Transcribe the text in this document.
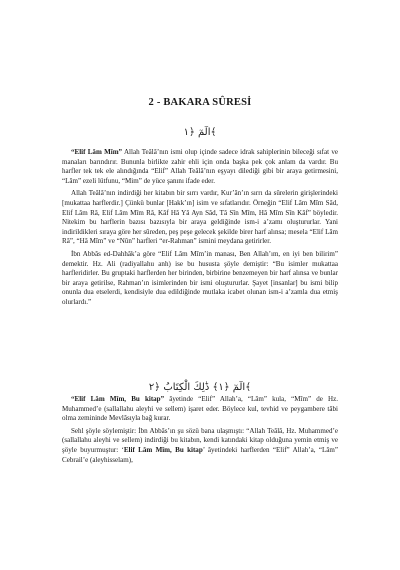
2 - BAKARA SÛRESİ
الٓمٓ ﴿١﴾

“Elif Lâm Mîm” Allah Teâlâ’nın ismi olup içinde sadece idrak sahiplerinin bileceği sıfat ve manaları barındırır. Bununla birlikte zahir ehli için onda başka pek çok anlam da vardır. Bu harfler tek tek ele alındığında “Elif” Allah Teâlâ’nın eşyayı dilediği gibi bir araya getirmesini, “Lâm” ezeli lütfunu, “Mim” de yüce şanını ifade eder.

Allah Teâlâ’nın indirdiği her kitabın bir sırrı vardır, Kur’ân’ın sırrı da sûrelerin girişlerindeki [mukattaa harflerdir.] Çünkü bunlar [Hakk’ın] isim ve sıfatlarıdır. Örneğin “Elif Lâm Mîm Sâd, Elif Lâm Râ, Elif Lâm Mîm Râ, Kâf Hâ Yâ Ayn Sâd, Tâ Sîn Mîm, Hâ Mîm Sîn Kâf” böyledir. Nitekim bu harflerin bazısı bazısıyla bir araya geldiğinde ism-i a’zamı oluştururlar. Yani indirildikleri sıraya göre her sûreden, peş peşe gelecek şekilde birer harf alınsa; mesela “Elif Lâm Râ”, “Hâ Mîm” ve “Nûn” harfleri “er-Rahman” ismini meydana getirirler.

İbn Abbâs ed-Dahhâk’a göre “Elif Lâm Mîm’in manası, Ben Allah’ım, en iyi ben bilirim” demektir. Hz. Ali (radiyallahu anh) ise bu hususta şöyle demiştir: “Bu isimler mukattaa harfleridirler. Bu gruptaki harflerden her birinden, birbirine benzemeyen bir harf alınsa ve bunlar bir araya getirilse, Rahman’ın isimlerinden bir ismi oluştururlar. Şayet [insanlar] bu ismi bilip onunla dua etselerdi, kendisiyle dua edildiğinde mutlaka icabet olunan ism-i a’zamla dua etmiş olurlardı.”

الٓمٓ ﴿١﴾ ذَٰلِكَ الْكِتَابُ ﴿٢﴾

“Elif Lâm Mîm, Bu kitap” âyetinde “Elif” Allah’a, “Lâm” kula, “Mîm” de Hz. Muhammed’e (sallallahu aleyhi ve sellem) işaret eder. Böylece kul, tevhid ve peygambere tâbi olma zemininde Mevlâsıyla bağ kurar.

Sehl şöyle söylemiştir: İbn Abbâs’ın şu sözü bana ulaşmıştı: “Allah Teâlâ, Hz. Muhammed’e (sallallahu aleyhi ve sellem) indirdiği bu kitabın, kendi katındaki kitap olduğuna yemin etmiş ve şöyle buyurmuştur: ‘Elif Lâm Mîm, Bu kitap’ âyetindeki harflerden “Elif” Allah’a, “Lâm” Cebrail’e (aleyhisselam),
